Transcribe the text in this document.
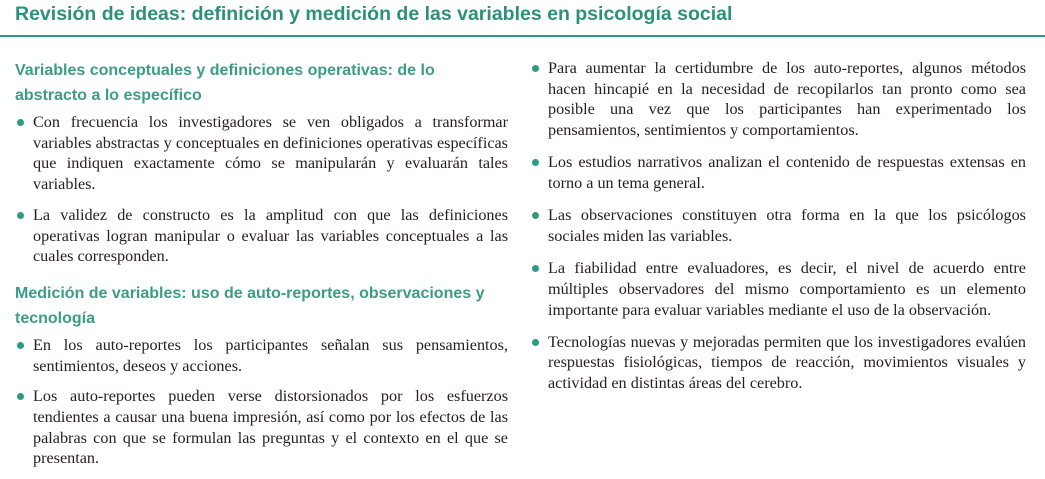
Revisión de ideas: definición y medición de las variables en psicología social
Variables conceptuales y definiciones operativas: de lo abstracto a lo específico
Con frecuencia los investigadores se ven obligados a transformar variables abstractas y conceptuales en definiciones operativas específicas que indiquen exactamente cómo se manipularán y evaluarán tales variables.
La validez de constructo es la amplitud con que las definiciones operativas logran manipular o evaluar las variables conceptuales a las cuales corresponden.
Medición de variables: uso de auto-reportes, observaciones y tecnología
En los auto-reportes los participantes señalan sus pensamientos, sentimientos, deseos y acciones.
Los auto-reportes pueden verse distorsionados por los esfuerzos tendientes a causar una buena impresión, así como por los efectos de las palabras con que se formulan las preguntas y el contexto en el que se presentan.
Para aumentar la certidumbre de los auto-reportes, algunos métodos hacen hincapié en la necesidad de recopilarlos tan pronto como sea posible una vez que los participantes han experimentado los pensamientos, sentimientos y comportamientos.
Los estudios narrativos analizan el contenido de respuestas extensas en torno a un tema general.
Las observaciones constituyen otra forma en la que los psicólogos sociales miden las variables.
La fiabilidad entre evaluadores, es decir, el nivel de acuerdo entre múltiples observadores del mismo comportamiento es un elemento importante para evaluar variables mediante el uso de la observación.
Tecnologías nuevas y mejoradas permiten que los investigadores evalúen respuestas fisiológicas, tiempos de reacción, movimientos visuales y actividad en distintas áreas del cerebro.
